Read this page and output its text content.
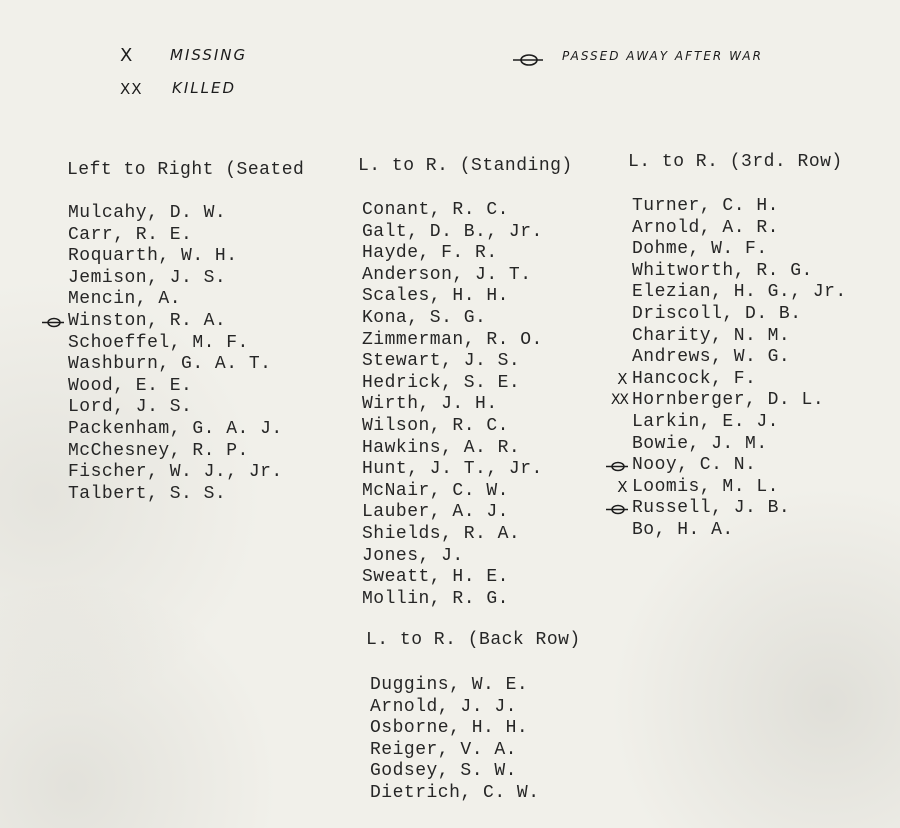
X	MISSING
XX KILLED
PASSED AWAY AFTER WAR
Left to Right (Seated	L. to R. (Standing)	L. to R. (3rd. Row)
L. to R. (Back Row)
Mulcahy, D. W.
Carr, R. E.
Roquarth, W. H.
Jemison, J. S.
Mencin, A.
Winston, R. A.
Schoeffel, M. F.
Washburn, G. A. T.
Wood, E. E.
Lord, J. S.
Packenham, G. A. J.
McChesney, R. P.
Fischer, W. J., Jr.
Talbert, S. S.
Conant, R. C.
Galt, D. B., Jr.
Hayde, F. R.
Anderson, J. T.
Scales, H. H.
Kona, S. G.
Zimmerman, R. O.
Stewart, J. S.
Hedrick, S. E.
Wirth, J. H.
Wilson, R. C.
Hawkins, A. R.
Hunt, J. T., Jr.
McNair, C. W.
Lauber, A. J.
Shields, R. A.
Jones, J.
Sweatt, H. E.
Mollin, R. G.
Turner, C. H.
Arnold, A. R.
Dohme, W. F.
Whitworth, R. G.
Elezian, H. G., Jr.
Driscoll, D. B.
Charity, N. M.
Andrews, W. G.
X Hancock, F.
XX Hornberger, D. L.
Larkin, E. J.
Bowie, J. M.
Nooy, C. N.
X Loomis, M. L.
Russell, J. B.
Bo, H. A.
Duggins, W. E.
Arnold, J. J.
Osborne, H. H.
Reiger, V. A.
Godsey, S. W.
Dietrich, C. W.
